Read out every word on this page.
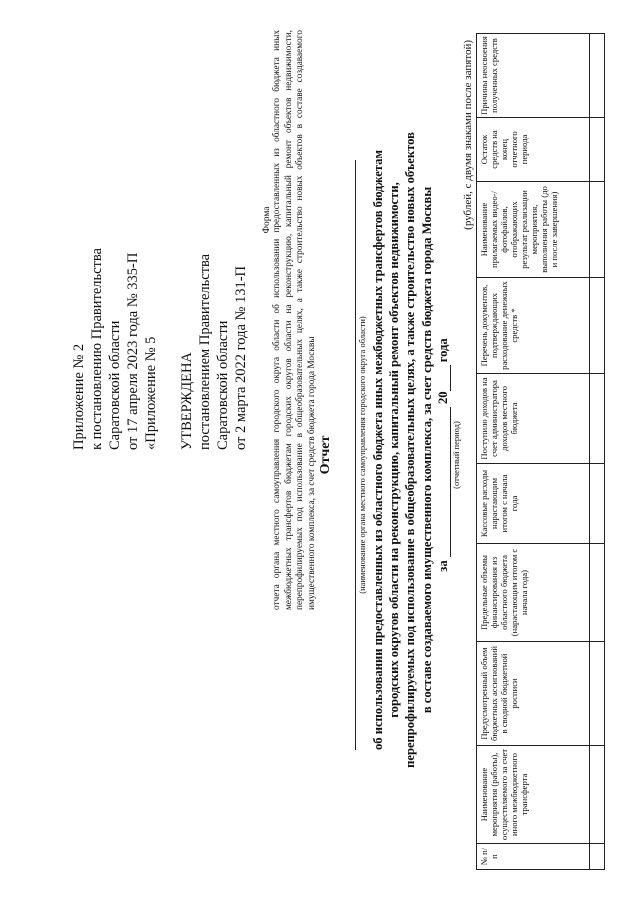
Приложение № 2 к постановлению Правительства Саратовской области от 17 апреля 2023 года № 335-П «Приложение № 5 УТВЕРЖДЕНА постановлением Правительства Саратовской области от 2 марта 2022 года № 131-П
Форма отчета органа местного самоуправления городского округа области об использовании предоставленных из областного бюджета иных межбюджетных трансфертов бюджетам городских округов области на реконструкцию, капитальный ремонт объектов недвижимости, перепрофилируемых под использование в общеобразовательных целях, а также строительство новых объектов в составе создаваемого имущественного комплекса, за счет средств бюджета города Москвы Отчет	(наименование органа местного самоуправления городского округа области) об использовании предоставленных из областного бюджета иных межбюджетных трансфертов бюджетам городских округов области на реконструкцию, капитальный ремонт объектов недвижимости, перепрофилируемых под использование в общеобразовательных целях, а также строительство новых объектов в составе создаваемого имущественного комплекса, за счет средств бюджета города Москвы за   20  года
(отчетный период)
(рублей, с двумя знаками после запятой)
№ п/п	Наименование мероприятия (работы), осуществляемого за счет иного межбюджетного трансферта	Предусмотренный объем бюджетных ассигнований в сводной бюджетной росписи	Предельные объемы финансирования из областного бюджета (нарастающим итогом с начала года)	Кассовые расходы нарастающим итогом с начала года	Поступило доходов на счет администратора доходов местного бюджета	Перечень документов, подтверждающих расходование денежных средств *	Наименование прилагаемых видео-/фотофайлов, отображающих результат реализации мероприятия, выполнения работы (до и после завершения)	Остаток средств на конец отчетного периода	Причины неосвоения полученных средств
